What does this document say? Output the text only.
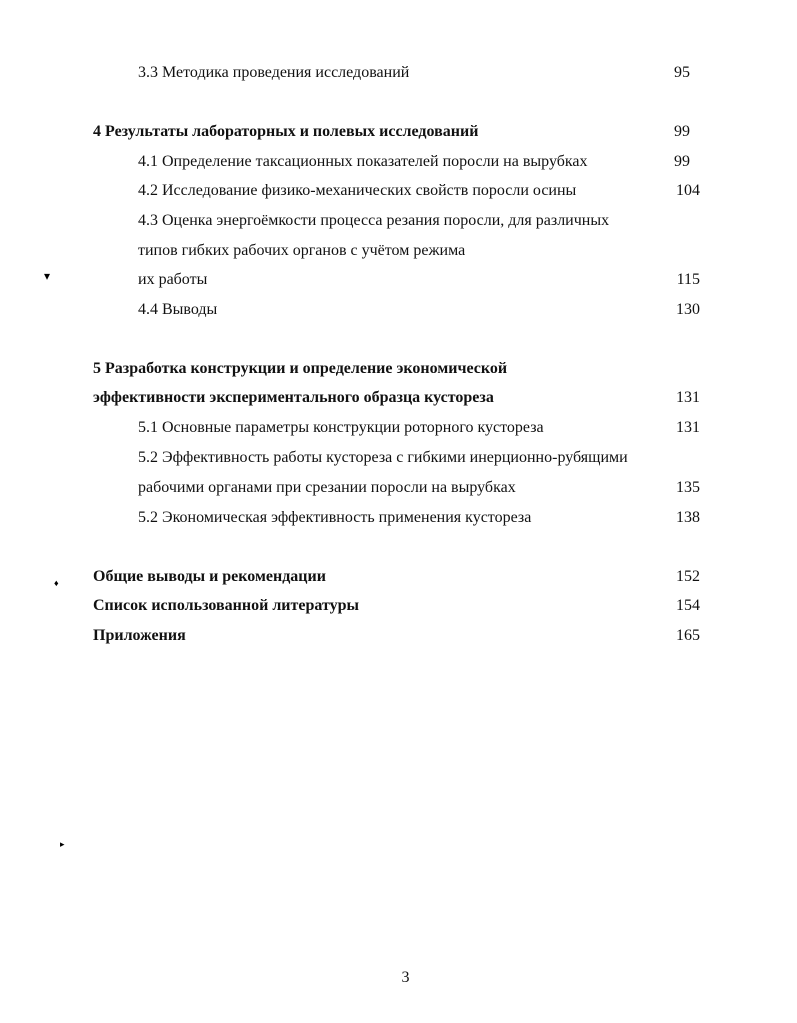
3.3 Методика проведения исследований	95
4 Результаты лабораторных и полевых исследований	99
4.1 Определение таксационных показателей поросли на вырубках	99
4.2 Исследование физико-механических свойств поросли осины	104
4.3 Оценка энергоёмкости процесса резания поросли, для различных
типов гибких рабочих органов с учётом режима
их работы	115
4.4 Выводы	130
5 Разработка конструкции и определение экономической
эффективности экспериментального образца кустореза	131
5.1 Основные параметры конструкции роторного кустореза	131
5.2 Эффективность работы кустореза с гибкими инерционно-рубящими
рабочими органами при срезании поросли на вырубках	135
5.2 Экономическая эффективность применения кустореза	138
Общие выводы и рекомендации	152
Список использованной литературы	154
Приложения	165
▾
♦
▸
3
